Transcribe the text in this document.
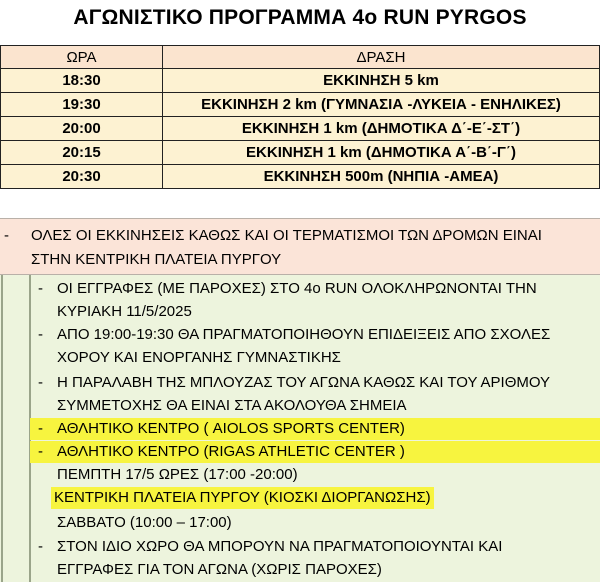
ΑΓΩΝΙΣΤΙΚΟ ΠΡΟΓΡΑΜΜΑ 4ο RUN PYRGOS
ΩΡΑ	ΔΡΑΣΗ
18:30	ΕΚΚΙΝΗΣΗ 5 km
19:30	ΕΚΚΙΝΗΣΗ 2 km (ΓΥΜΝΑΣΙΑ -ΛΥΚΕΙΑ - ΕΝΗΛΙΚΕΣ)
20:00	ΕΚΚΙΝΗΣΗ 1 km (ΔΗΜΟΤΙΚΑ Δ΄-Ε΄-ΣΤ΄)
20:15	ΕΚΚΙΝΗΣΗ 1 km (ΔΗΜΟΤΙΚΑ Α΄-Β΄-Γ΄)
20:30	ΕΚΚΙΝΗΣΗ 500m (ΝΗΠΙΑ -ΑΜΕΑ)
- ΟΛΕΣ ΟΙ ΕΚΚΙΝΗΣΕΙΣ ΚΑΘΩΣ ΚΑΙ ΟΙ ΤΕΡΜΑΤΙΣΜΟΙ ΤΩΝ ΔΡΟΜΩΝ ΕΙΝΑΙ
ΣΤΗΝ ΚΕΝΤΡΙΚΗ ΠΛΑΤΕΙΑ ΠΥΡΓΟΥ
- ΟΙ ΕΓΓΡΑΦΕΣ (ΜΕ ΠΑΡΟΧΕΣ) ΣΤΟ 4ο RUN ΟΛΟΚΛΗΡΩΝΟΝΤΑΙ ΤΗΝ
ΚΥΡΙΑΚΗ 11/5/2025
- ΑΠΟ 19:00-19:30 ΘΑ ΠΡΑΓΜΑΤΟΠΟΙΗΘΟΥΝ ΕΠΙΔΕΙΞΕΙΣ ΑΠΟ ΣΧΟΛΕΣ
ΧΟΡΟΥ ΚΑΙ ΕΝΟΡΓΑΝΗΣ ΓΥΜΝΑΣΤΙΚΗΣ
- Η ΠΑΡΑΛΑΒΗ ΤΗΣ ΜΠΛΟΥΖΑΣ ΤΟΥ ΑΓΩΝΑ ΚΑΘΩΣ ΚΑΙ ΤΟΥ ΑΡΙΘΜΟΥ
ΣΥΜΜΕΤΟΧΗΣ ΘΑ ΕΙΝΑΙ ΣΤΑ ΑΚΟΛΟΥΘΑ ΣΗΜΕΙΑ
- ΑΘΛΗΤΙΚΟ ΚΕΝΤΡΟ ( AIOLOS SPORTS CENTER)
- ΑΘΛΗΤΙΚΟ ΚΕΝΤΡΟ (RIGAS ATHLETIC CENTER )
ΠΕΜΠΤΗ 17/5 ΩΡΕΣ (17:00 -20:00)
ΚΕΝΤΡΙΚΗ ΠΛΑΤΕΙΑ ΠΥΡΓΟΥ (ΚΙΟΣΚΙ ΔΙΟΡΓΑΝΩΣΗΣ)
ΣΑΒΒΑΤΟ (10:00 – 17:00)
- ΣΤΟΝ ΙΔΙΟ ΧΩΡΟ ΘΑ ΜΠΟΡΟΥΝ ΝΑ ΠΡΑΓΜΑΤΟΠΟΙΟΥΝΤΑΙ ΚΑΙ
ΕΓΓΡΑΦΕΣ ΓΙΑ ΤΟΝ ΑΓΩΝΑ (ΧΩΡΙΣ ΠΑΡΟΧΕΣ)
